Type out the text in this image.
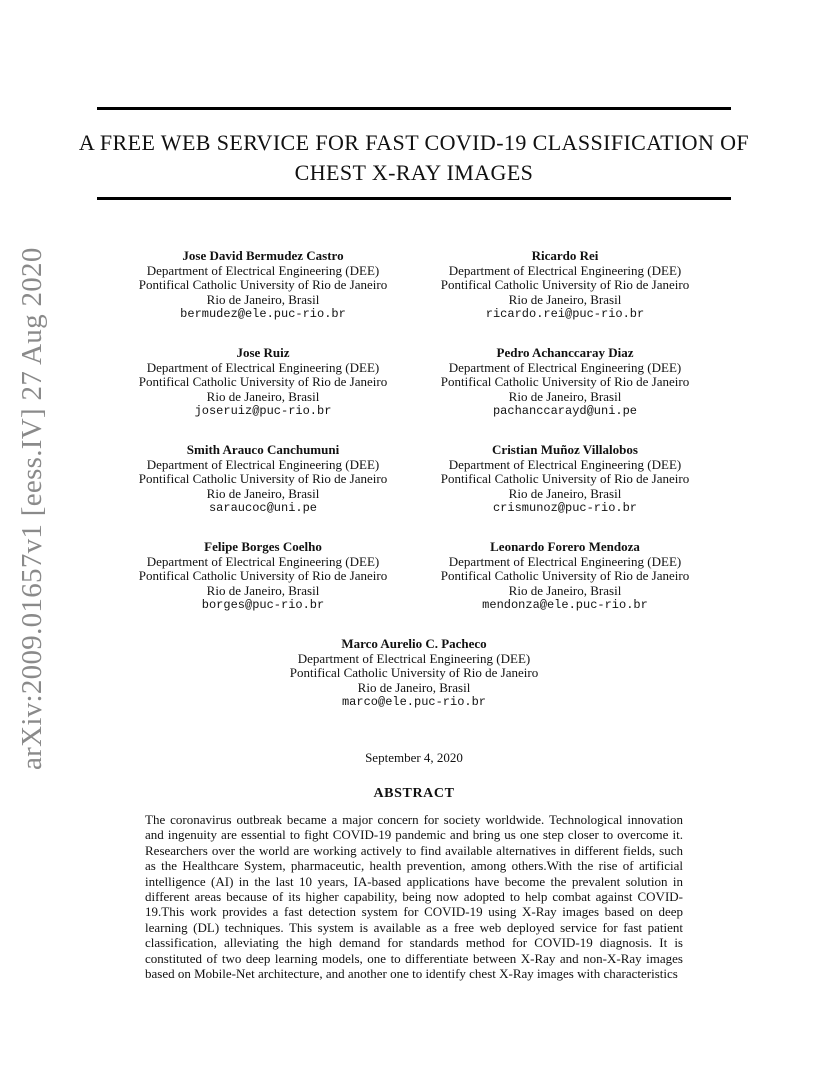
arXiv:2009.01657v1 [eess.IV] 27 Aug 2020
A FREE WEB SERVICE FOR FAST COVID-19 CLASSIFICATION OF
CHEST X-RAY IMAGES
Jose David Bermudez Castro
Department of Electrical Engineering (DEE)
Pontifical Catholic University of Rio de Janeiro
Rio de Janeiro, Brasil
bermudez@ele.puc-rio.br
Ricardo Rei
Department of Electrical Engineering (DEE)
Pontifical Catholic University of Rio de Janeiro
Rio de Janeiro, Brasil
ricardo.rei@puc-rio.br
Jose Ruiz
Department of Electrical Engineering (DEE)
Pontifical Catholic University of Rio de Janeiro
Rio de Janeiro, Brasil
joseruiz@puc-rio.br
Pedro Achanccaray Diaz
Department of Electrical Engineering (DEE)
Pontifical Catholic University of Rio de Janeiro
Rio de Janeiro, Brasil
pachanccarayd@uni.pe
Smith Arauco Canchumuni
Department of Electrical Engineering (DEE)
Pontifical Catholic University of Rio de Janeiro
Rio de Janeiro, Brasil
saraucoc@uni.pe
Cristian Muñoz Villalobos
Department of Electrical Engineering (DEE)
Pontifical Catholic University of Rio de Janeiro
Rio de Janeiro, Brasil
crismunoz@puc-rio.br
Felipe Borges Coelho
Department of Electrical Engineering (DEE)
Pontifical Catholic University of Rio de Janeiro
Rio de Janeiro, Brasil
borges@puc-rio.br
Leonardo Forero Mendoza
Department of Electrical Engineering (DEE)
Pontifical Catholic University of Rio de Janeiro
Rio de Janeiro, Brasil
mendonza@ele.puc-rio.br
Marco Aurelio C. Pacheco
Department of Electrical Engineering (DEE)
Pontifical Catholic University of Rio de Janeiro
Rio de Janeiro, Brasil
marco@ele.puc-rio.br
September 4, 2020
ABSTRACT
The coronavirus outbreak became a major concern for society worldwide. Technological innovation and ingenuity are essential to fight COVID-19 pandemic and bring us one step closer to overcome it. Researchers over the world are working actively to find available alternatives in different fields, such as the Healthcare System, pharmaceutic, health prevention, among others.With the rise of artificial intelligence (AI) in the last 10 years, IA-based applications have become the prevalent solution in different areas because of its higher capability, being now adopted to help combat against COVID-19.This work provides a fast detection system for COVID-19 using X-Ray images based on deep learning (DL) techniques. This system is available as a free web deployed service for fast patient classification, alleviating the high demand for standards method for COVID-19 diagnosis. It is constituted of two deep learning models, one to differentiate between X-Ray and non-X-Ray images based on Mobile-Net architecture, and another one to identify chest X-Ray images with characteristics
